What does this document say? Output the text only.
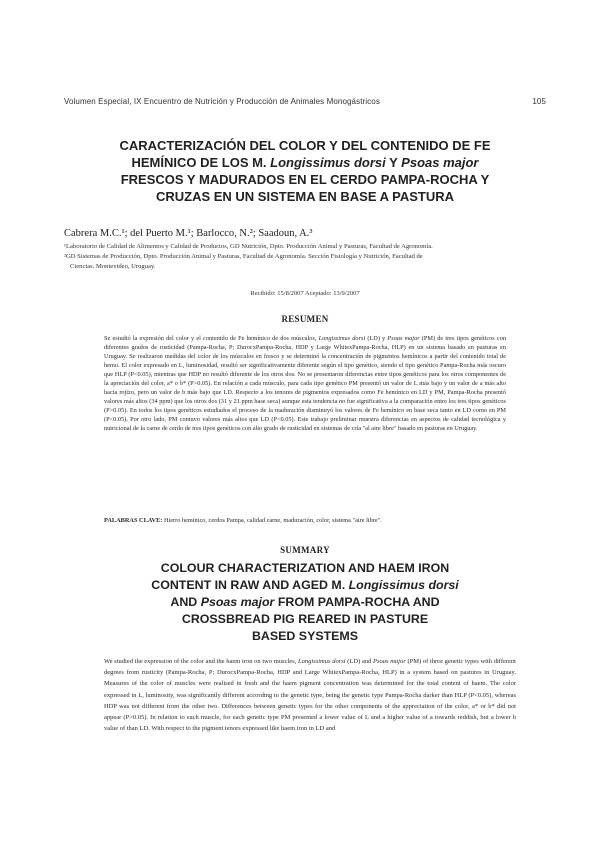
Volumen Especial, IX Encuentro de Nutrición y Producción de Animales Monogástricos	105
CARACTERIZACIÓN DEL COLOR Y DEL CONTENIDO DE FE
HEMÍNICO DE LOS M. Longissimus dorsi Y Psoas major
FRESCOS Y MADURADOS EN EL CERDO PAMPA-ROCHA Y
CRUZAS EN UN SISTEMA EN BASE A PASTURA
Cabrera M.C.¹; del Puerto M.¹; Barlocco, N.²; Saadoun, A.³

¹Laboratorio de Calidad de Alimentos y Calidad de Productos, GD Nutrición, Dpto. Producción Animal y Pasturas, Facultad de Agronomía.

²GD Sistemas de Producción, Dpto. Producción Animal y Pasturas, Facultad de Agronomía. Sección Fisiología y Nutrición, Facultad de

Ciencias. Montevideo, Uruguay.

Recibido: 15/8/2007 Aceptado: 13/9/2007
RESUMEN

Se estudió la expresión del color y el contenido de Fe hemínico de dos músculos, Longissimus dorsi (LD) y Psoas major (PM) de tres tipos genéticos con diferentes grados de rusticidad (Pampa-Rocha, P; DurocxPampa-Rocha, HDP y Large WhitexPampa-Rocha, HLP) en un sistema basado en pasturas en Uruguay. Se realizaron medidas del color de los músculos en fresco y se determinó la concentración de pigmentos hemínicos a partir del contenido total de hemo. El color expresado en L, luminosidad, resultó ser significativamente diferente según el tipo genético, siendo el tipo genético Pampa-Rocha más oscuro que HLP (P<0.05), mientras que HDP no resultó diferente de los otros dos. No se presentaron diferencias entre tipos genéticos para los otros componentes de la apreciación del color, a* o b* (P>0.05). En relación a cada músculo, para cada tipo genético PM presentó un valor de L más bajo y un valor de a más alto hacia rojizo, pero un valor de b más bajo que LD. Respecto a los tenores de pigmentos expresados como Fe hemínico en LD y PM, Pampa-Rocha presentó valores más altos (34 ppm) que los otros dos (31 y 21 ppm base seca) aunque esta tendencia no fue significativa a la comparación entre los tres tipos genéticos (P>0.05). En todos los tipos genéticos estudiados el proceso de la maduración disminuyó los valores de Fe hemínico en base seca tanto en LD como en PM (P<0.05). Por otro lado, PM contuvo valores más altos que LD (P<0.05). Este trabajo preliminar muestra diferencias en aspectos de calidad tecnológica y nutricional de la carne de cerdo de tres tipos genéticos con alto grado de rusticidad en sistemas de cría "al aire libre" basado en pasturas en Uruguay.

PALABRAS CLAVE: Hierro hemínico, cerdos Pampa, calidad carne, maduración, color, sistema "aire libre".
SUMMARY
COLOUR CHARACTERIZATION AND HAEM IRON
CONTENT IN RAW AND AGED M. Longissimus dorsi
AND Psoas major FROM PAMPA-ROCHA AND
CROSSBREAD PIG REARED IN PASTURE
BASED SYSTEMS

We studied the expression of the color and the haem iron on two muscles, Longissimus dorsi (LD) and Psoas major (PM) of three genetic types with different degrees from rusticity (Pampa-Rocha, P; DurocxPampa-Rocha, HDP and Large WhitexPampa-Rocha, HLP) in a system based on pastures in Uruguay. Measures of the color of muscles were realised in fresh and the haem pigment concentration was determined for the total content of haem. The color expressed in L, luminosity, was significantly different according to the genetic type, being the genetic type Pampa-Rocha darker than HLP (P<0.05), whereas HDP was not different from the other two. Differences between genetic types for the other components of the appreciation of the color, a* or b* did not appear (P>0.05). In relation to each muscle, for each genetic type PM presented a lower value of L and a higher value of a towards reddish, but a lower b value of than LD. With respect to the pigment tenors expressed like haem iron in LD and
